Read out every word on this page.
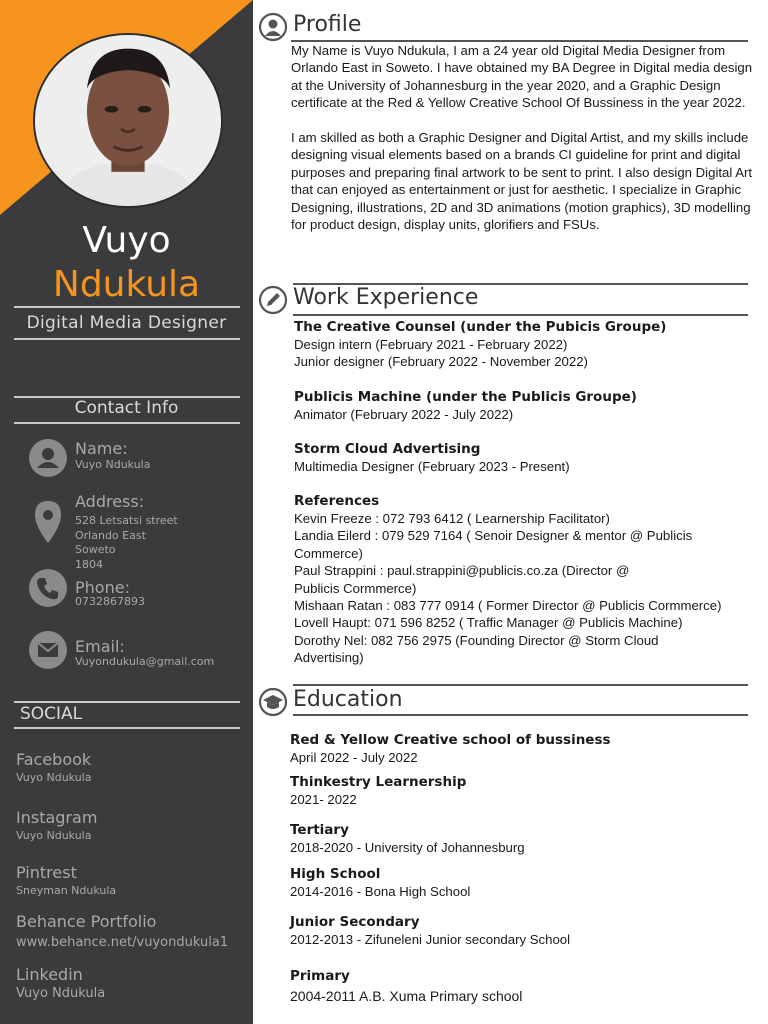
Vuyo
Ndukula
Digital Media Designer
Contact Info
Name:
Vuyo Ndukula
Address:
528 Letsatsi street
Orlando East
Soweto
1804
Phone:
0732867893
Email:
Vuyondukula@gmail.com
SOCIAL
Facebook
Vuyo Ndukula
Instagram
Vuyo Ndukula
Pintrest
Sneyman Ndukula
Behance Portfolio
www.behance.net/vuyondukula1
Linkedin
Vuyo Ndukula
Profile

My Name is Vuyo Ndukula, I am a 24 year old Digital Media Designer from Orlando East in Soweto. I have obtained my BA Degree in Digital media design at the University of Johannesburg in the year 2020, and a Graphic Design certificate at the Red & Yellow Creative School Of Bussiness in the year 2022.

I am skilled as both a Graphic Designer and Digital Artist, and my skills include designing visual elements based on a brands CI guideline for print and digital purposes and preparing final artwork to be sent to print. I also design Digital Art that can enjoyed as entertainment or just for aesthetic. I specialize in Graphic Designing, illustrations, 2D and 3D animations (motion graphics), 3D modelling for product design, display units, glorifiers and FSUs.

Work Experience
The Creative Counsel (under the Pubicis Groupe)
Design intern (February 2021 - February 2022)
Junior designer (February 2022 - November 2022)
Publicis Machine (under the Publicis Groupe)
Animator (February 2022 - July 2022)
Storm Cloud Advertising
Multimedia Designer (February 2023 - Present)
References
Kevin Freeze : 072 793 6412 ( Learnership Facilitator)
Landia Eilerd : 079 529 7164 ( Senoir Designer & mentor @ Publicis
Commerce)
Paul Strappini : paul.strappini@publicis.co.za (Director @
Publicis Cormmerce)
Mishaan Ratan : 083 777 0914 ( Former Director @ Publicis Cormmerce)
Lovell Haupt: 071 596 8252 ( Traffic Manager @ Publicis Machine)
Dorothy Nel: 082 756 2975 (Founding Director @ Storm Cloud
Advertising)
Education
Red & Yellow Creative school of bussiness
April 2022 - July 2022
Thinkestry Learnership
2021- 2022
Tertiary
2018-2020 - University of Johannesburg
High School
2014-2016 - Bona High School
Junior Secondary
2012-2013 - Zifuneleni Junior secondary School
Primary
2004-2011 A.B. Xuma Primary school
